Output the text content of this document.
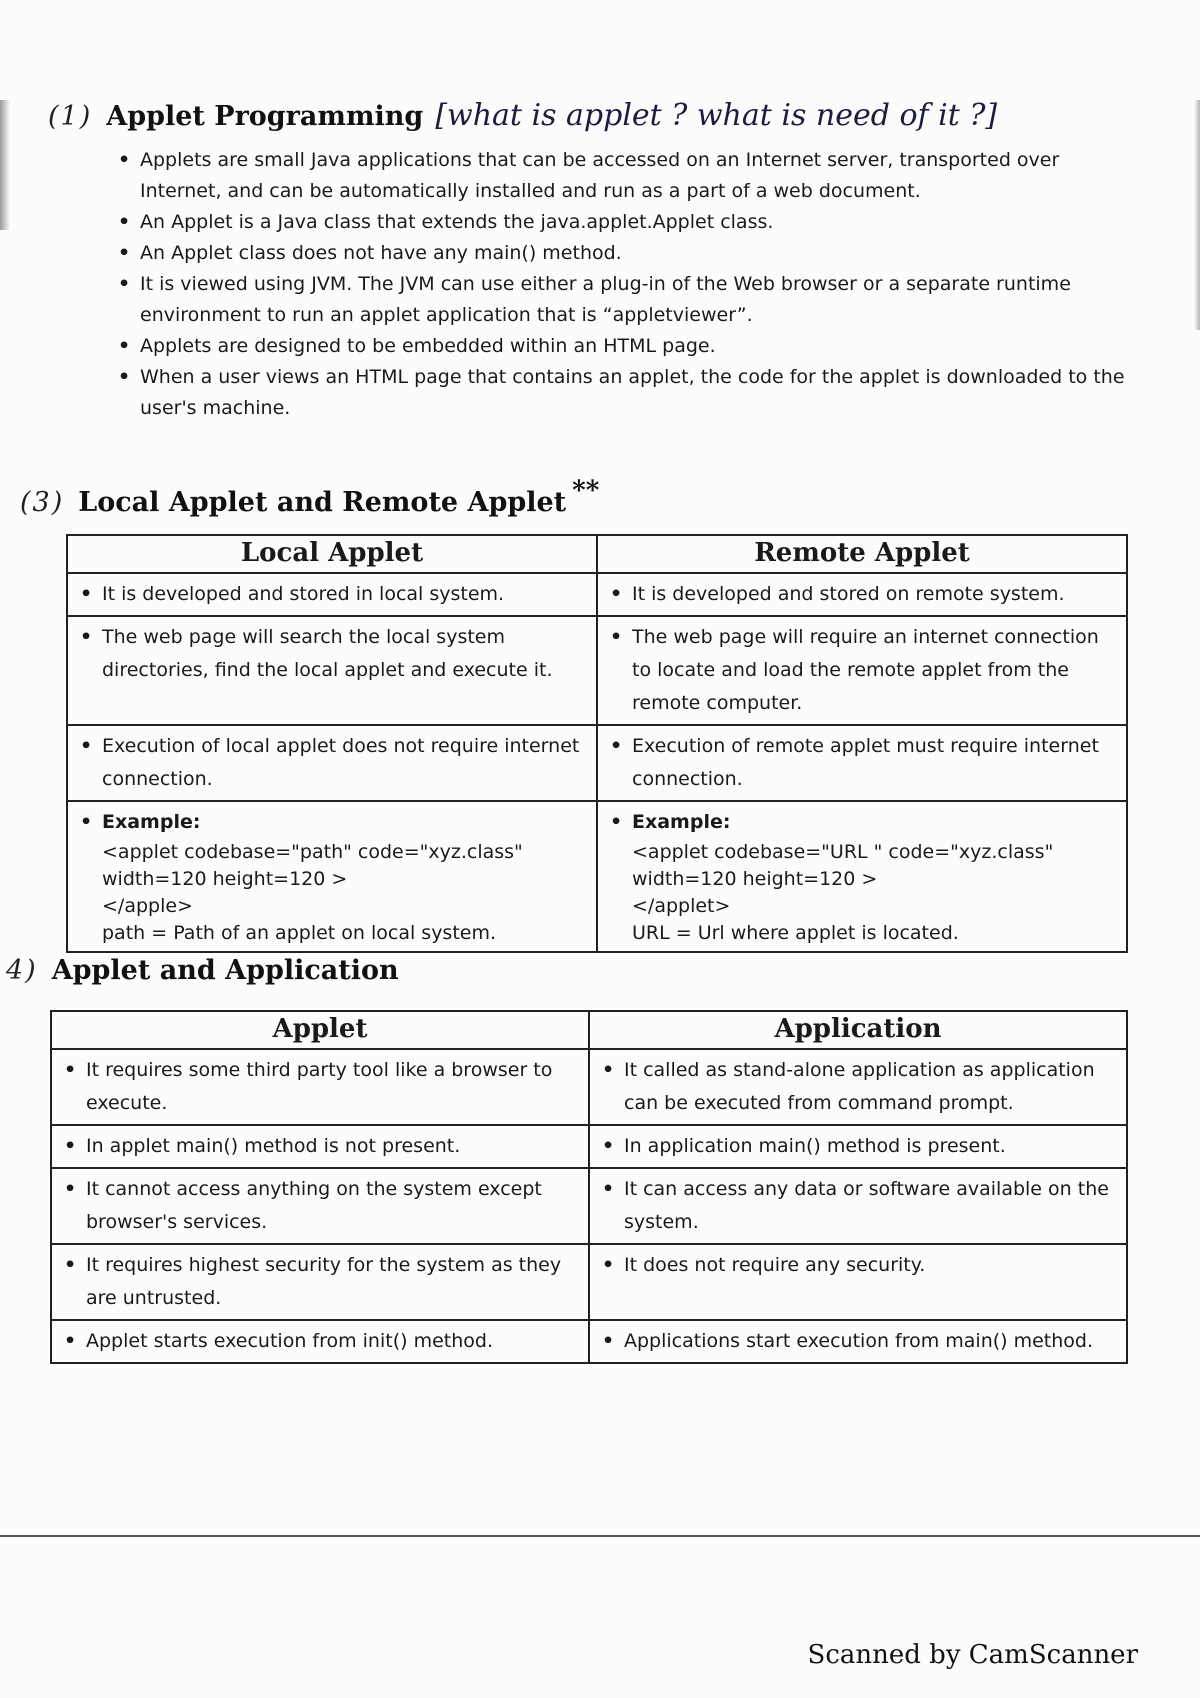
(1) Applet Programming [what is applet ? what is need of it ?]
• Applets are small Java applications that can be accessed on an Internet server, transported over Internet, and can be automatically installed and run as a part of a web document.
• An Applet is a Java class that extends the java.applet.Applet class.
• An Applet class does not have any main() method.
• It is viewed using JVM. The JVM can use either a plug-in of the Web browser or a separate runtime environment to run an applet application that is “appletviewer”.
• Applets are designed to be embedded within an HTML page.
• When a user views an HTML page that contains an applet, the code for the applet is downloaded to the user's machine.
(3) Local Applet and Remote Applet **
Local Applet	Remote Applet

• It is developed and stored in local system.	• It is developed and stored on remote system.

• The web page will search the local system directories, find the local applet and execute it.	• The web page will require an internet connection to locate and load the remote applet from the remote computer.

• Execution of local applet does not require internet connection.	• Execution of remote applet must require internet connection.

• Example:
<applet codebase="path" code="xyz.class"
width=120 height=120 >
</apple>
path = Path of an applet on local system.	• Example:
<applet codebase="URL " code="xyz.class"
width=120 height=120 >
</applet>
URL = Url where applet is located.
4) Applet and Application
Applet	Application

• It requires some third party tool like a browser to execute.	• It called as stand-alone application as application can be executed from command prompt.

• In applet main() method is not present.	• In application main() method is present.

• It cannot access anything on the system except browser's services.	• It can access any data or software available on the system.

• It requires highest security for the system as they are untrusted.	• It does not require any security.

• Applet starts execution from init() method.	• Applications start execution from main() method.
Scanned by CamScanner
